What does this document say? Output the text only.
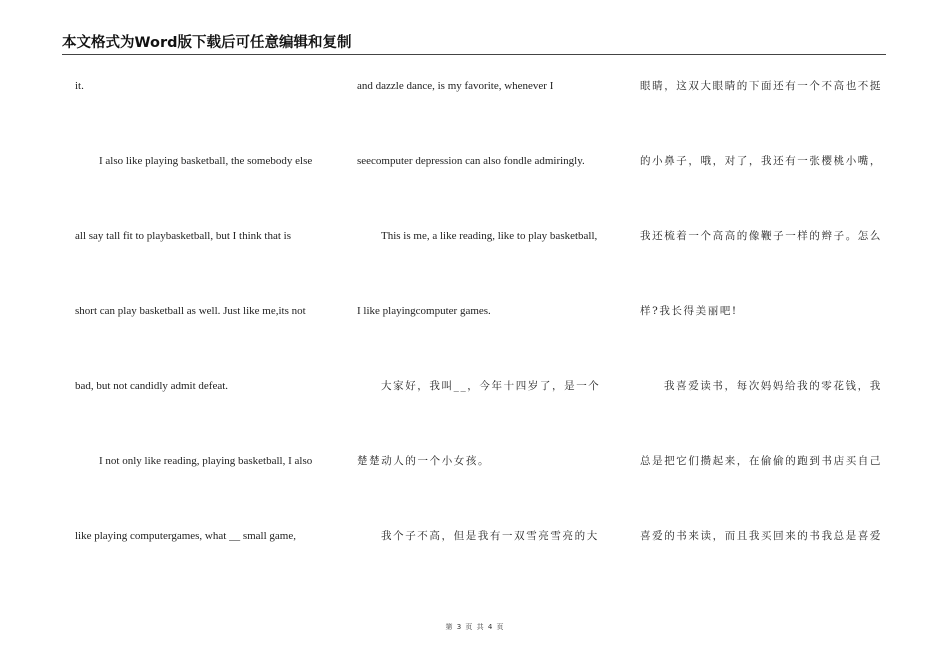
本文格式为Word版下载后可任意编辑和复制
it.
I also like playing basketball, the somebody else
all say tall fit to playbasketball, but I think that is
short can play basketball as well. Just like me,its not
bad, but not candidly admit defeat.
I not only like reading, playing basketball, I also
like playing computergames, what __ small game,
and dazzle dance, is my favorite, whenever I
seecomputer depression can also fondle admiringly.
This is me, a like reading, like to play basketball,
I like playingcomputer games.
大家好，我叫__，今年十四岁了，是一个
楚楚动人的一个小女孩。
我个子不高，但是我有一双雪亮雪亮的大
眼睛，这双大眼睛的下面还有一个不高也不挺
的小鼻子，哦，对了，我还有一张樱桃小嘴，
我还梳着一个高高的像鞭子一样的辫子。怎么
样?我长得美丽吧!
我喜爱读书，每次妈妈给我的零花钱，我
总是把它们攒起来，在偷偷的跑到书店买自己
喜爱的书来读，而且我买回来的书我总是喜爱
第 3 页 共 4 页
